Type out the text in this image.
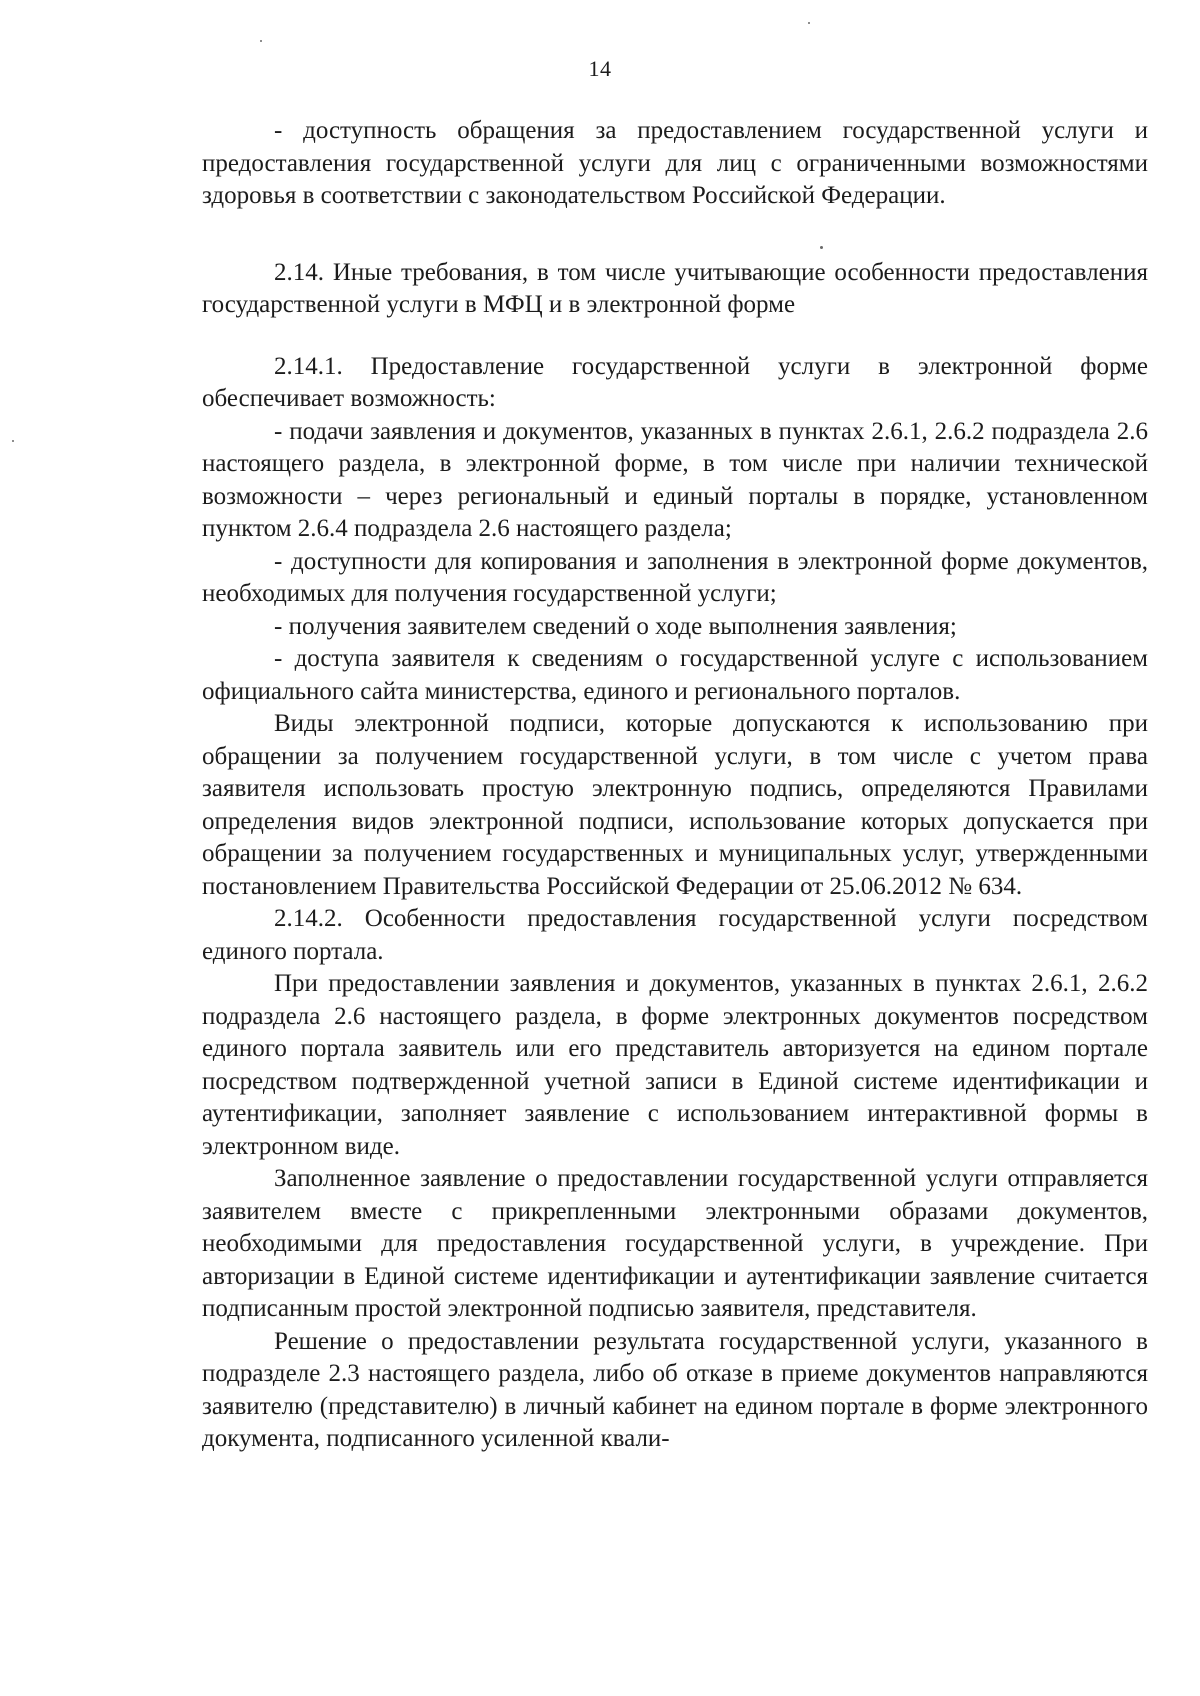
14

- доступность обращения за предоставлением государственной услуги и предоставления государственной услуги для лиц с ограниченными возможностями здоровья в соответствии с законодательством Российской Федерации.

2.14. Иные требования, в том числе учитывающие особенности предоставления государственной услуги в МФЦ и в электронной форме

2.14.1. Предоставление государственной услуги в электронной форме обеспечивает возможность:

- подачи заявления и документов, указанных в пунктах 2.6.1, 2.6.2 подраздела 2.6 настоящего раздела, в электронной форме, в том числе при наличии технической возможности – через региональный и единый порталы в порядке, установленном пунктом 2.6.4 подраздела 2.6 настоящего раздела;

- доступности для копирования и заполнения в электронной форме документов, необходимых для получения государственной услуги;

- получения заявителем сведений о ходе выполнения заявления;

- доступа заявителя к сведениям о государственной услуге с использованием официального сайта министерства, единого и регионального порталов.

Виды электронной подписи, которые допускаются к использованию при обращении за получением государственной услуги, в том числе с учетом права заявителя использовать простую электронную подпись, определяются Правилами определения видов электронной подписи, использование которых допускается при обращении за получением государственных и муниципальных услуг, утвержденными постановлением Правительства Российской Федерации от 25.06.2012 № 634.

2.14.2. Особенности предоставления государственной услуги посредством единого портала.

При предоставлении заявления и документов, указанных в пунктах 2.6.1, 2.6.2 подраздела 2.6 настоящего раздела, в форме электронных документов посредством единого портала заявитель или его представитель авторизуется на едином портале посредством подтвержденной учетной записи в Единой системе идентификации и аутентификации, заполняет заявление с использованием интерактивной формы в электронном виде.

Заполненное заявление о предоставлении государственной услуги отправляется заявителем вместе с прикрепленными электронными образами документов, необходимыми для предоставления государственной услуги, в учреждение. При авторизации в Единой системе идентификации и аутентификации заявление считается подписанным простой электронной подписью заявителя, представителя.

Решение о предоставлении результата государственной услуги, указанного в подразделе 2.3 настоящего раздела, либо об отказе в приеме документов направляются заявителю (представителю) в личный кабинет на едином портале в форме электронного документа, подписанного усиленной квали-
